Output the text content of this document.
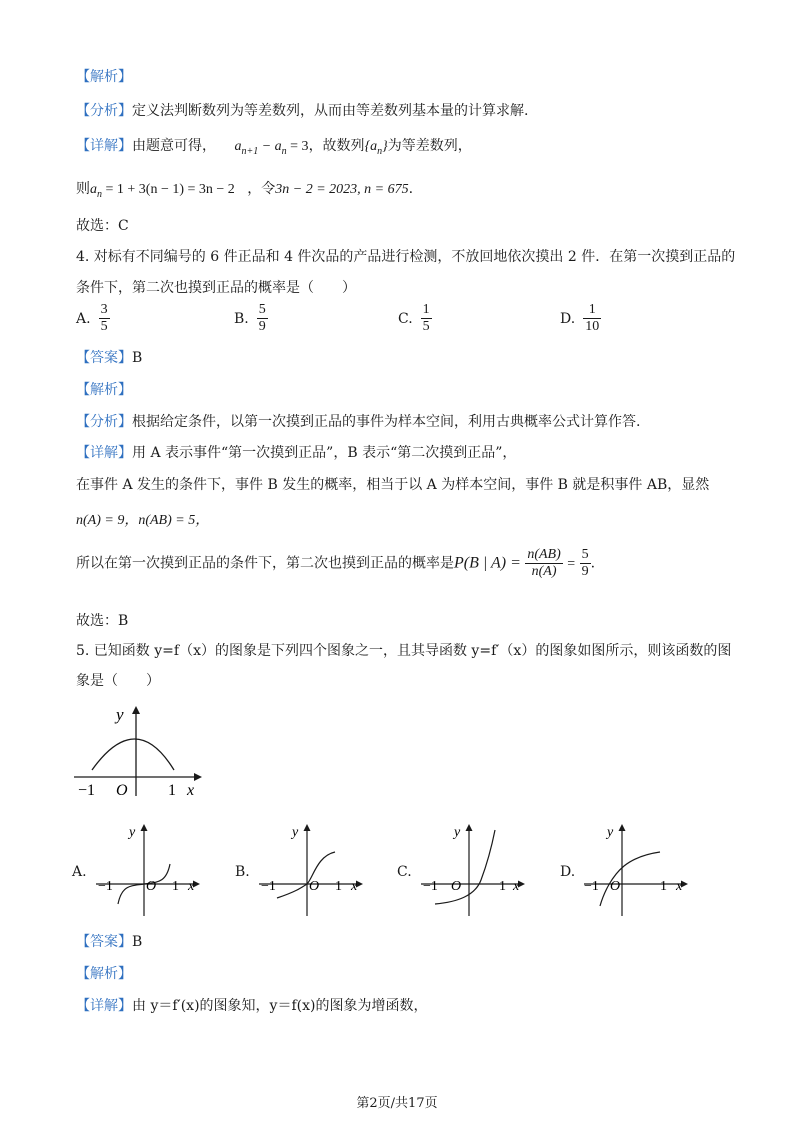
【解析】
【分析】定义法判断数列为等差数列，从而由等差数列基本量的计算求解.
【详解】由题意可得， $a_{n+1} - a_n = 3$，故数列$\{a_n\}$为等差数列，
则$a_n = 1 + 3(n - 1) = 3n - 2$ ，令3n − 2 = 2023, n = 675.
故选：C
4. 对标有不同编号的 6 件正品和 4 件次品的产品进行检测，不放回地依次摸出 2 件．在第一次摸到正品的
条件下，第二次也摸到正品的概率是（　　）
A. $\frac{3}{5}$	B. $\frac{5}{9}$	C. $\frac{1}{5}$	D. $\frac{1}{10}$
【答案】B
【解析】
【分析】根据给定条件，以第一次摸到正品的事件为样本空间，利用古典概率公式计算作答.
【详解】用 A 表示事件“第一次摸到正品”，B 表示“第二次摸到正品”，
在事件 A 发生的条件下，事件 B 发生的概率，相当于以 A 为样本空间，事件 B 就是积事件 AB，显然
n(A) = 9，n(AB) = 5，
所以在第一次摸到正品的条件下，第二次也摸到正品的概率是P(B | $A) = \frac{n(AB)}{n(A)} = \frac{5}{9}$ .
故选：B
5. 已知函数 y=f（x）的图象是下列四个图象之一，且其导函数 y=f′（x）的图象如图所示，则该函数的图
象是（　　）
y
x
−1 O	1
A.
y
x
−1 O 1
B.
y
x
−1 O 1
C.
y
x
−1 O	1
D.
y
x
−1 O	1
【答案】B
【解析】
【详解】由 y＝f′(x)的图象知，y＝f(x)的图象为增函数，
第2页/共17页
